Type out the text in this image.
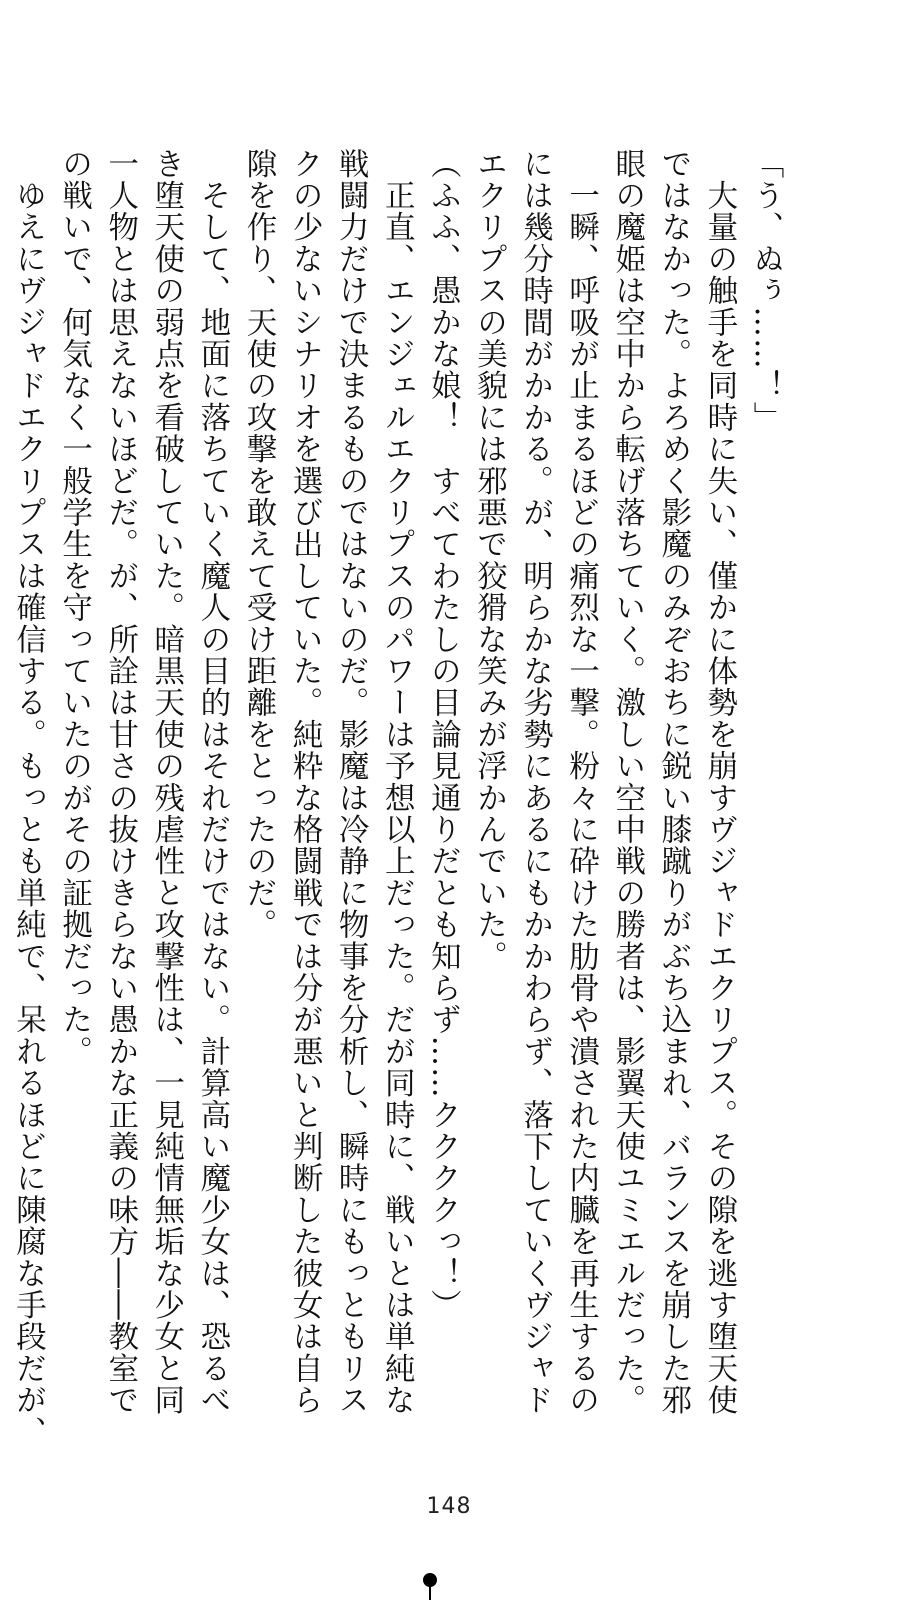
「う、ぬぅ……！」

　大量の触手を同時に失い、僅かに体勢を崩すヴジャドエクリプス。その隙を逃す堕天使

ではなかった。よろめく影魔のみぞおちに鋭い膝蹴りがぶち込まれ、バランスを崩した邪

眼の魔姫は空中から転げ落ちていく。激しい空中戦の勝者は、影翼天使ユミエルだった。

　一瞬、呼吸が止まるほどの痛烈な一撃。粉々に砕けた肋骨や潰された内臓を再生するの

には幾分時間がかかる。が、明らかな劣勢にあるにもかかわらず、落下していくヴジャド

エクリプスの美貌には邪悪で狡猾な笑みが浮かんでいた。

（ふふ、愚かな娘！　すべてわたしの目論見通りだとも知らず……ククククっ！）

　正直、エンジェルエクリプスのパワーは予想以上だった。だが同時に、戦いとは単純な

戦闘力だけで決まるものではないのだ。影魔は冷静に物事を分析し、瞬時にもっともリス

クの少ないシナリオを選び出していた。純粋な格闘戦では分が悪いと判断した彼女は自ら

隙を作り、天使の攻撃を敢えて受け距離をとったのだ。

　そして、地面に落ちていく魔人の目的はそれだけではない。計算高い魔少女は、恐るべ

き堕天使の弱点を看破していた。暗黒天使の残虐性と攻撃性は、一見純情無垢な少女と同

一人物とは思えないほどだ。が、所詮は甘さの抜けきらない愚かな正義の味方――教室で

の戦いで、何気なく一般学生を守っていたのがその証拠だった。

　ゆえにヴジャドエクリプスは確信する。もっとも単純で、呆れるほどに陳腐な手段だが、

148
